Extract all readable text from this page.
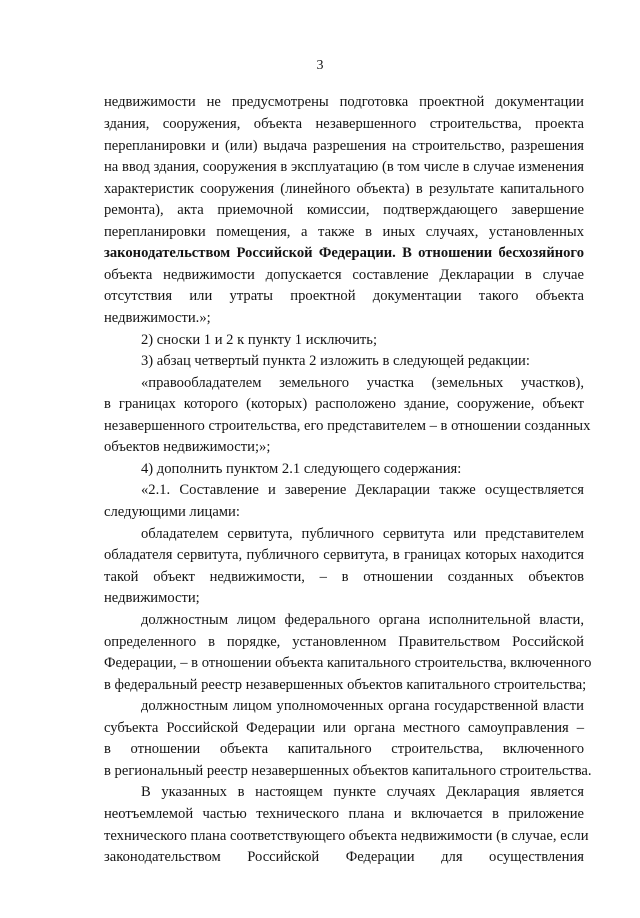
3
недвижимости не предусмотрены подготовка проектной документации
здания, сооружения, объекта незавершенного строительства, проекта
перепланировки и (или) выдача разрешения на строительство, разрешения
на ввод здания, сооружения в эксплуатацию (в том числе в случае изменения
характеристик сооружения (линейного объекта) в результате капитального
ремонта), акта приемочной комиссии, подтверждающего завершение
перепланировки помещения, а также в иных случаях, установленных
законодательством Российской Федерации. В отношении бесхозяйного
объекта недвижимости допускается составление Декларации в случае
отсутствия или утраты проектной документации такого объекта
недвижимости.»;
2) сноски 1 и 2 к пункту 1 исключить;
3) абзац четвертый пункта 2 изложить в следующей редакции:
«правообладателем земельного участка (земельных участков),
в границах которого (которых) расположено здание, сооружение, объект
незавершенного строительства, его представителем – в отношении созданных
объектов недвижимости;»;
4) дополнить пунктом 2.1 следующего содержания:
«2.1. Составление и заверение Декларации также осуществляется
следующими лицами:
обладателем сервитута, публичного сервитута или представителем
обладателя сервитута, публичного сервитута, в границах которых находится
такой объект недвижимости, – в отношении созданных объектов
недвижимости;
должностным лицом федерального органа исполнительной власти,
определенного в порядке, установленном Правительством Российской
Федерации, – в отношении объекта капитального строительства, включенного
в федеральный реестр незавершенных объектов капитального строительства;
должностным лицом уполномоченных органа государственной власти
субъекта Российской Федерации или органа местного самоуправления –
в отношении объекта капитального строительства, включенного
в региональный реестр незавершенных объектов капитального строительства.
В указанных в настоящем пункте случаях Декларация является
неотъемлемой частью технического плана и включается в приложение
технического плана соответствующего объекта недвижимости (в случае, если
законодательством Российской Федерации для осуществления
